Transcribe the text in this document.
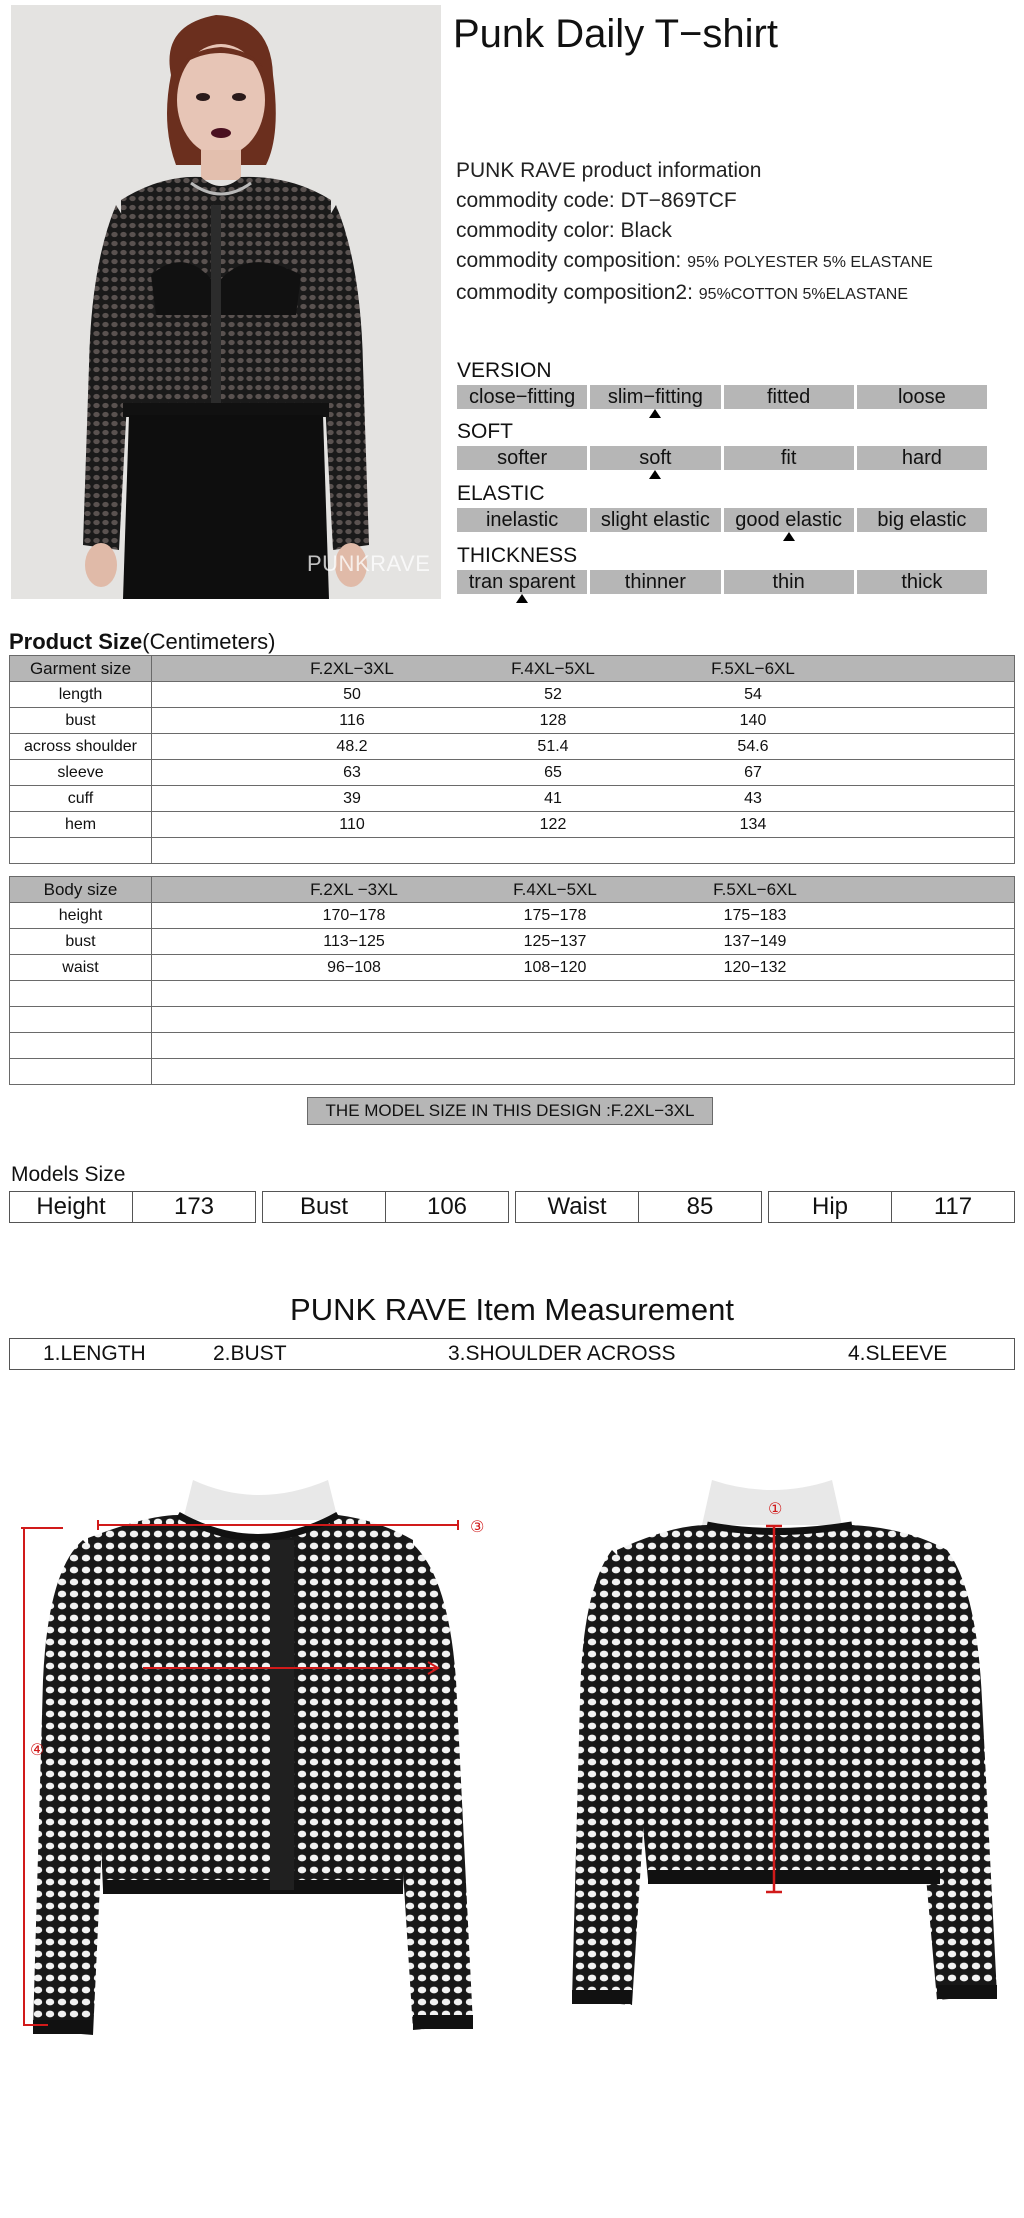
PUNKRAVE
Punk Daily T−shirt
PUNK RAVE product information
commodity code: DT−869TCF
commodity color: Black
commodity composition: 95% POLYESTER 5% ELASTANE
commodity composition2: 95%COTTON 5%ELASTANE
VERSION
close−fitting	slim−fitting	fitted	loose
SOFT
softer	soft	fit	hard
ELASTIC
inelastic	slight elastic	good elastic	big elastic
THICKNESS
tran sparent	thinner	thin	thick
Product Size(Centimeters)
Garment size	F.2XL−3XL F.4XL−5XL F.5XL−6XL

length	50 52 54

bust	116 128 140

across shoulder	48.2 51.4 54.6

sleeve	63 65 67

cuff	39 41 43

hem	110 122 134

Body size	F.2XL −3XL F.4XL−5XL F.5XL−6XL

height	170−178 175−178 175−183

bust	113−125 125−137 137−149

waist	96−108 108−120 120−132

THE MODEL SIZE IN THIS DESIGN :F.2XL−3XL
Models Size
Height	173	Bust	106	Waist	85	Hip	117
PUNK RAVE Item Measurement
1.LENGTH	2.BUST	3.SHOULDER ACROSS	4.SLEEVE
③
④
①
